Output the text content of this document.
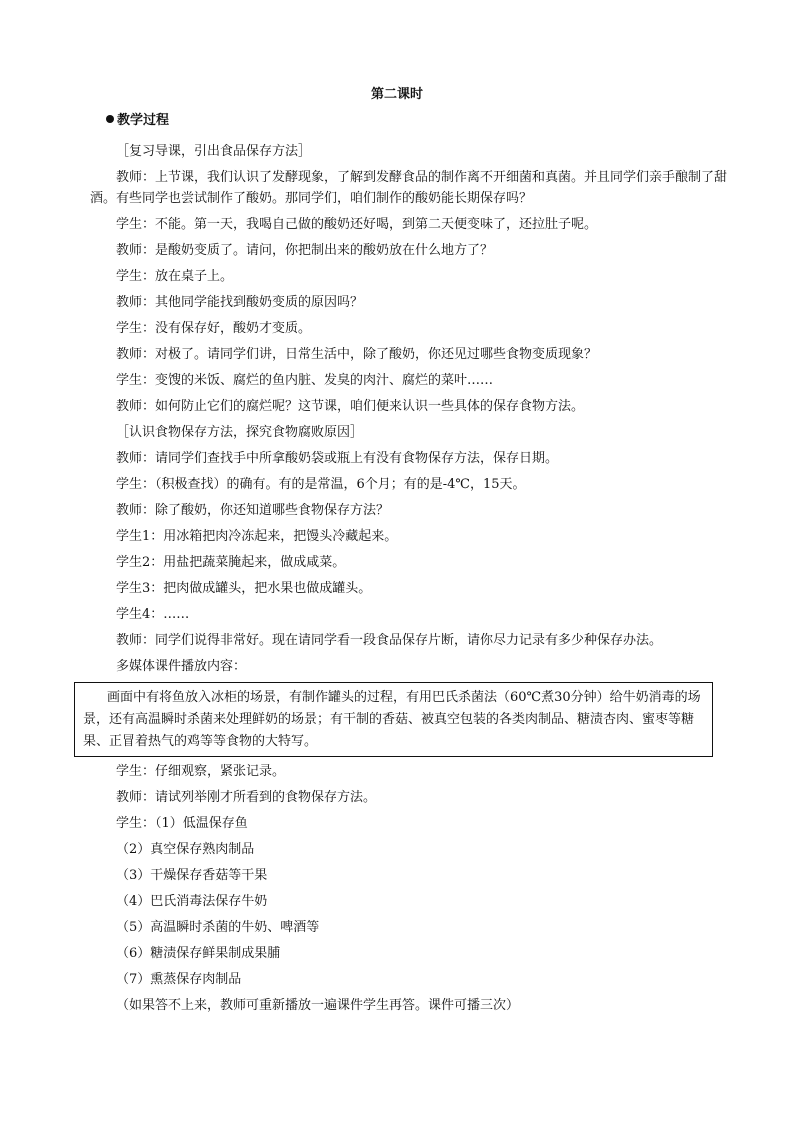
第二课时
教学过程
［复习导课，引出食品保存方法］
教师：上节课，我们认识了发酵现象，了解到发酵食品的制作离不开细菌和真菌。并且同学们亲手酿制了甜酒。有些同学也尝试制作了酸奶。那同学们，咱们制作的酸奶能长期保存吗？
学生：不能。第一天，我喝自己做的酸奶还好喝，到第二天便变味了，还拉肚子呢。
教师：是酸奶变质了。请问，你把制出来的酸奶放在什么地方了？
学生：放在桌子上。
教师：其他同学能找到酸奶变质的原因吗？
学生：没有保存好，酸奶才变质。
教师：对极了。请同学们讲，日常生活中，除了酸奶，你还见过哪些食物变质现象？
学生：变馊的米饭、腐烂的鱼内脏、发臭的肉汁、腐烂的菜叶……
教师：如何防止它们的腐烂呢？这节课，咱们便来认识一些具体的保存食物方法。
［认识食物保存方法，探究食物腐败原因］
教师：请同学们查找手中所拿酸奶袋或瓶上有没有食物保存方法，保存日期。
学生：（积极查找）的确有。有的是常温，6个月；有的是-4℃，15天。
教师：除了酸奶，你还知道哪些食物保存方法？
学生1：用冰箱把肉冷冻起来，把馒头冷藏起来。
学生2：用盐把蔬菜腌起来，做成咸菜。
学生3：把肉做成罐头，把水果也做成罐头。
学生4：……
教师：同学们说得非常好。现在请同学看一段食品保存片断，请你尽力记录有多少种保存办法。
多媒体课件播放内容：
画面中有将鱼放入冰柜的场景，有制作罐头的过程，有用巴氏杀菌法（60℃煮30分钟）给牛奶消毒的场景，还有高温瞬时杀菌来处理鲜奶的场景；有干制的香菇、被真空包装的各类肉制品、糖渍杏肉、蜜枣等糖果、正冒着热气的鸡等等食物的大特写。
学生：仔细观察，紧张记录。
教师：请试列举刚才所看到的食物保存方法。
学生：（1）低温保存鱼
（2）真空保存熟肉制品
（3）干燥保存香菇等干果
（4）巴氏消毒法保存牛奶
（5）高温瞬时杀菌的牛奶、啤酒等
（6）糖渍保存鲜果制成果脯
（7）熏蒸保存肉制品
（如果答不上来，教师可重新播放一遍课件学生再答。课件可播三次）
